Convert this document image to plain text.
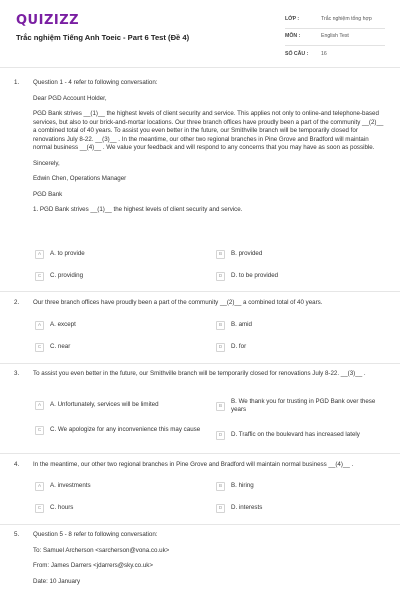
QUIZIZZ
Trắc nghiệm Tiếng Anh Toeic - Part 6 Test (Đề 4)
LỚP :	Trắc nghiệm tổng hợp
MÔN :	English Test
SỐ CÂU :	16
1. Question 1 - 4 refer to following conversation:

Dear PGD Account Holder,

PGD Bank strives __(1)__ the highest levels of client security and service. This applies not only to online-and telephone-based services, but also to our brick-and-mortar locations. Our three branch offices have proudly been a part of the community __(2)__ a combined total of 40 years. To assist you even better in the future, our Smithville branch will be temporarily closed for renovations July 8-22. __(3)__ . In the meantime, our other two regional branches in Pine Grove and Bradford will maintain normal business __(4)__ . We value your feedback and will respond to any concerns that you may have as soon as possible.

Sincerely,

Edwin Chen, Operations Manager

PGD Bank

1. PGD Bank strives __(1)__ the highest levels of client security and service.

A	A. to provide	B	B. provided
C	C. providing	D	D. to be provided
2. Our three branch offices have proudly been a part of the community __(2)__ a combined total of 40 years.

A	A. except	B	B. amid
C	C. near	D	D. for
3. To assist you even better in the future, our Smithville branch will be temporarily closed for renovations July 8-22. __(3)__ .

A	A. Unfortunately, services will be limited	B
B. We thank you for trusting in PGD Bank over these years
C	C. We apologize for any inconvenience this may cause
D	D. Traffic on the boulevard has increased lately
4. In the meantime, our other two regional branches in Pine Grove and Bradford will maintain normal business __(4)__ .

A	A. investments	B	B. hiring
C	C. hours	D	D. interests
5. Question 5 - 8 refer to following conversation:

To: Samuel Archerson <sarcherson@vona.co.uk>

From: James Darrers <jdarrers@sky.co.uk>

Date: 10 January
